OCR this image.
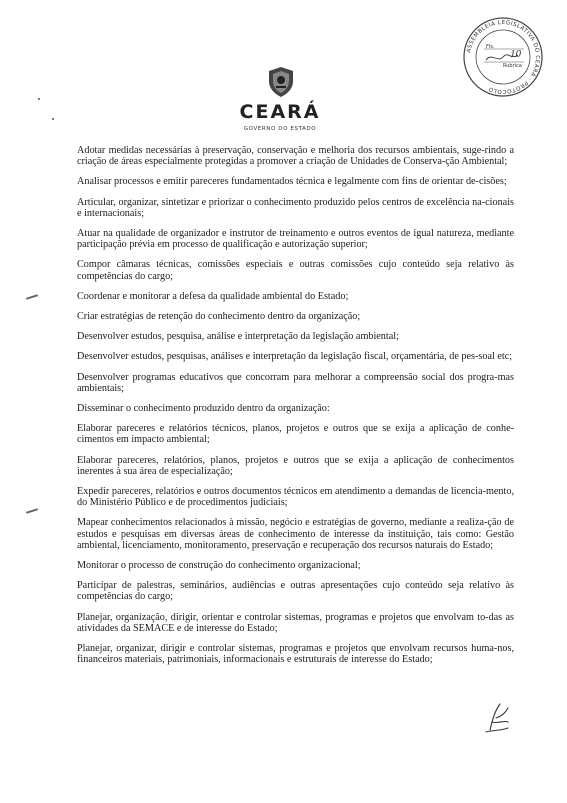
CEARÁ
GOVERNO DO ESTADO
ASSEMBLEIA LEGISLATIVA DO CEARÁ · PROTOCOLO
Fls.
10
Rubrica

Adotar medidas necessárias à preservação, conservação e melhoria dos recursos ambientais, suge-rindo a criação de áreas especialmente protegidas a promover a criação de Unidades de Conserva-ção Ambiental;

Analisar processos e emitir pareceres fundamentados técnica e legalmente com fins de orientar de-cisões;

Articular, organizar, sintetizar e priorizar o conhecimento produzido pelos centros de excelência na-cionais e internacionais;

Atuar na qualidade de organizador e instrutor de treinamento e outros eventos de igual natureza, mediante participação prévia em processo de qualificação e autorização superior;

Compor câmaras técnicas, comissões especiais e outras comissões cujo conteúdo seja relativo às competências do cargo;

Coordenar e monitorar a defesa da qualidade ambiental do Estado;

Criar estratégias de retenção do conhecimento dentro da organização;

Desenvolver estudos, pesquisa, análise e interpretação da legislação ambiental;

Desenvolver estudos, pesquisas, análises e interpretação da legislação fiscal, orçamentária, de pes-soal etc;

Desenvolver programas educativos que concorram para melhorar a compreensão social dos progra-mas ambientais;

Disseminar o conhecimento produzido dentro da organização:

Elaborar pareceres e relatórios técnicos, planos, projetos e outros que se exija a aplicação de conhe-cimentos em impacto ambiental;

Elaborar pareceres, relatórios, planos, projetos e outros que se exija a aplicação de conhecimentos inerentes à sua área de especialização;

Expedir pareceres, relatórios e outros documentos técnicos em atendimento a demandas de licencia-mento, do Ministério Público e de procedimentos judiciais;

Mapear conhecimentos relacionados à missão, negócio e estratégias de governo, mediante a realiza-ção de estudos e pesquisas em diversas áreas de conhecimento de interesse da instituição, tais como: Gestão ambiental, licenciamento, monitoramento, preservação e recuperação dos recursos naturais do Estado;

Monitorar o processo de construção do conhecimento organizacional;

Participar de palestras, seminários, audiências e outras apresentações cujo conteúdo seja relativo às competências do cargo;

Planejar, organização, dirigir, orientar e controlar sistemas, programas e projetos que envolvam to-das as atividades da SEMACE e de interesse do Estado;

Planejar, organizar, dirigir e controlar sistemas, programas e projetos que envolvam recursos huma-nos, financeiros materiais, patrimoniais, informacionais e estruturais de interesse do Estado;
